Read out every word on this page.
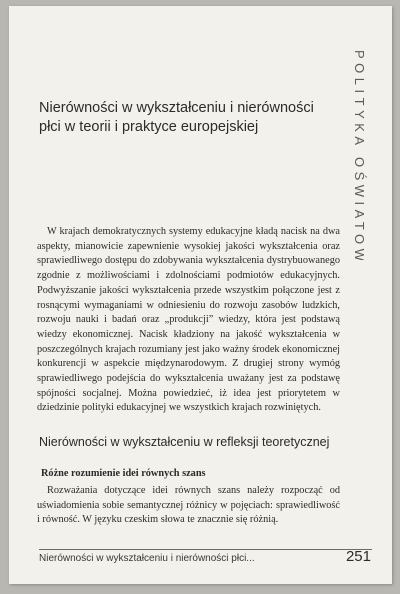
POLITYKA OŚWIATOWA
Nierówności w wykształceniu i nierówności płci w teorii i praktyce europejskiej

W krajach demokratycznych systemy edukacyjne kładą nacisk na dwa aspekty, mianowicie zapewnienie wysokiej jakości wykształcenia oraz sprawiedliwego dostępu do zdobywania wykształcenia dystrybuowanego zgodnie z możliwościami i zdolnościami podmiotów edukacyjnych. Podwyższanie jakości wykształcenia przede wszystkim połączone jest z rosnącymi wymaganiami w odniesieniu do rozwoju zasobów ludzkich, rozwoju nauki i badań oraz „produkcji” wiedzy, która jest podstawą wiedzy ekonomicznej. Nacisk kładziony na jakość wykształcenia w poszczególnych krajach rozumiany jest jako ważny środek ekonomicznej konkurencji w aspekcie międzynarodowym. Z drugiej strony wymóg sprawiedliwego podejścia do wykształcenia uważany jest za podstawę spójności socjalnej. Można powiedzieć, iż idea jest priorytetem w dziedzinie polityki edukacyjnej we wszystkich krajach rozwiniętych.

Nierówności w wykształceniu w refleksji teoretycznej
Różne rozumienie idei równych szans

Rozważania dotyczące idei równych szans należy rozpocząć od uświadomienia sobie semantycznej różnicy w pojęciach: sprawiedliwość i równość. W języku czeskim słowa te znacznie się różnią.

Nierówności w wykształceniu i nierówności płci...	251
